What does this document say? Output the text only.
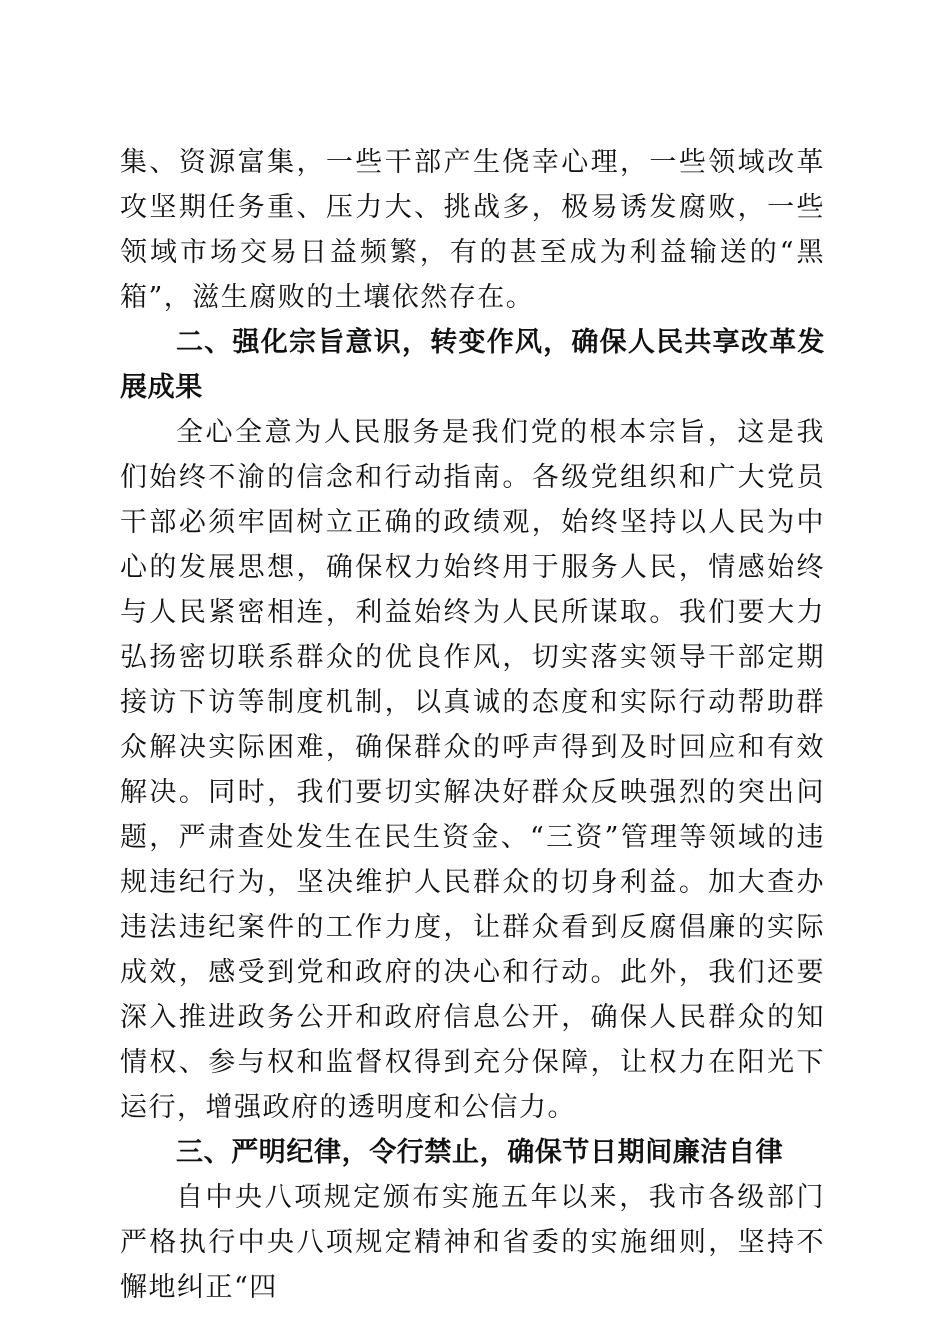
集、资源富集，一些干部产生侥幸心理，一些领域改革攻坚期任务重、压力大、挑战多，极易诱发腐败，一些领域市场交易日益频繁，有的甚至成为利益输送的“黑箱”，滋生腐败的土壤依然存在。

二、强化宗旨意识，转变作风，确保人民共享改革发展成果

全心全意为人民服务是我们党的根本宗旨，这是我们始终不渝的信念和行动指南。各级党组织和广大党员干部必须牢固树立正确的政绩观，始终坚持以人民为中心的发展思想，确保权力始终用于服务人民，情感始终与人民紧密相连，利益始终为人民所谋取。我们要大力弘扬密切联系群众的优良作风，切实落实领导干部定期接访下访等制度机制，以真诚的态度和实际行动帮助群众解决实际困难，确保群众的呼声得到及时回应和有效解决。同时，我们要切实解决好群众反映强烈的突出问题，严肃查处发生在民生资金、“三资”管理等领域的违规违纪行为，坚决维护人民群众的切身利益。加大查办违法违纪案件的工作力度，让群众看到反腐倡廉的实际成效，感受到党和政府的决心和行动。此外，我们还要深入推进政务公开和政府信息公开，确保人民群众的知情权、参与权和监督权得到充分保障，让权力在阳光下运行，增强政府的透明度和公信力。

三、严明纪律，令行禁止，确保节日期间廉洁自律

自中央八项规定颁布实施五年以来，我市各级部门严格执行中央八项规定精神和省委的实施细则，坚持不懈地纠正“四
